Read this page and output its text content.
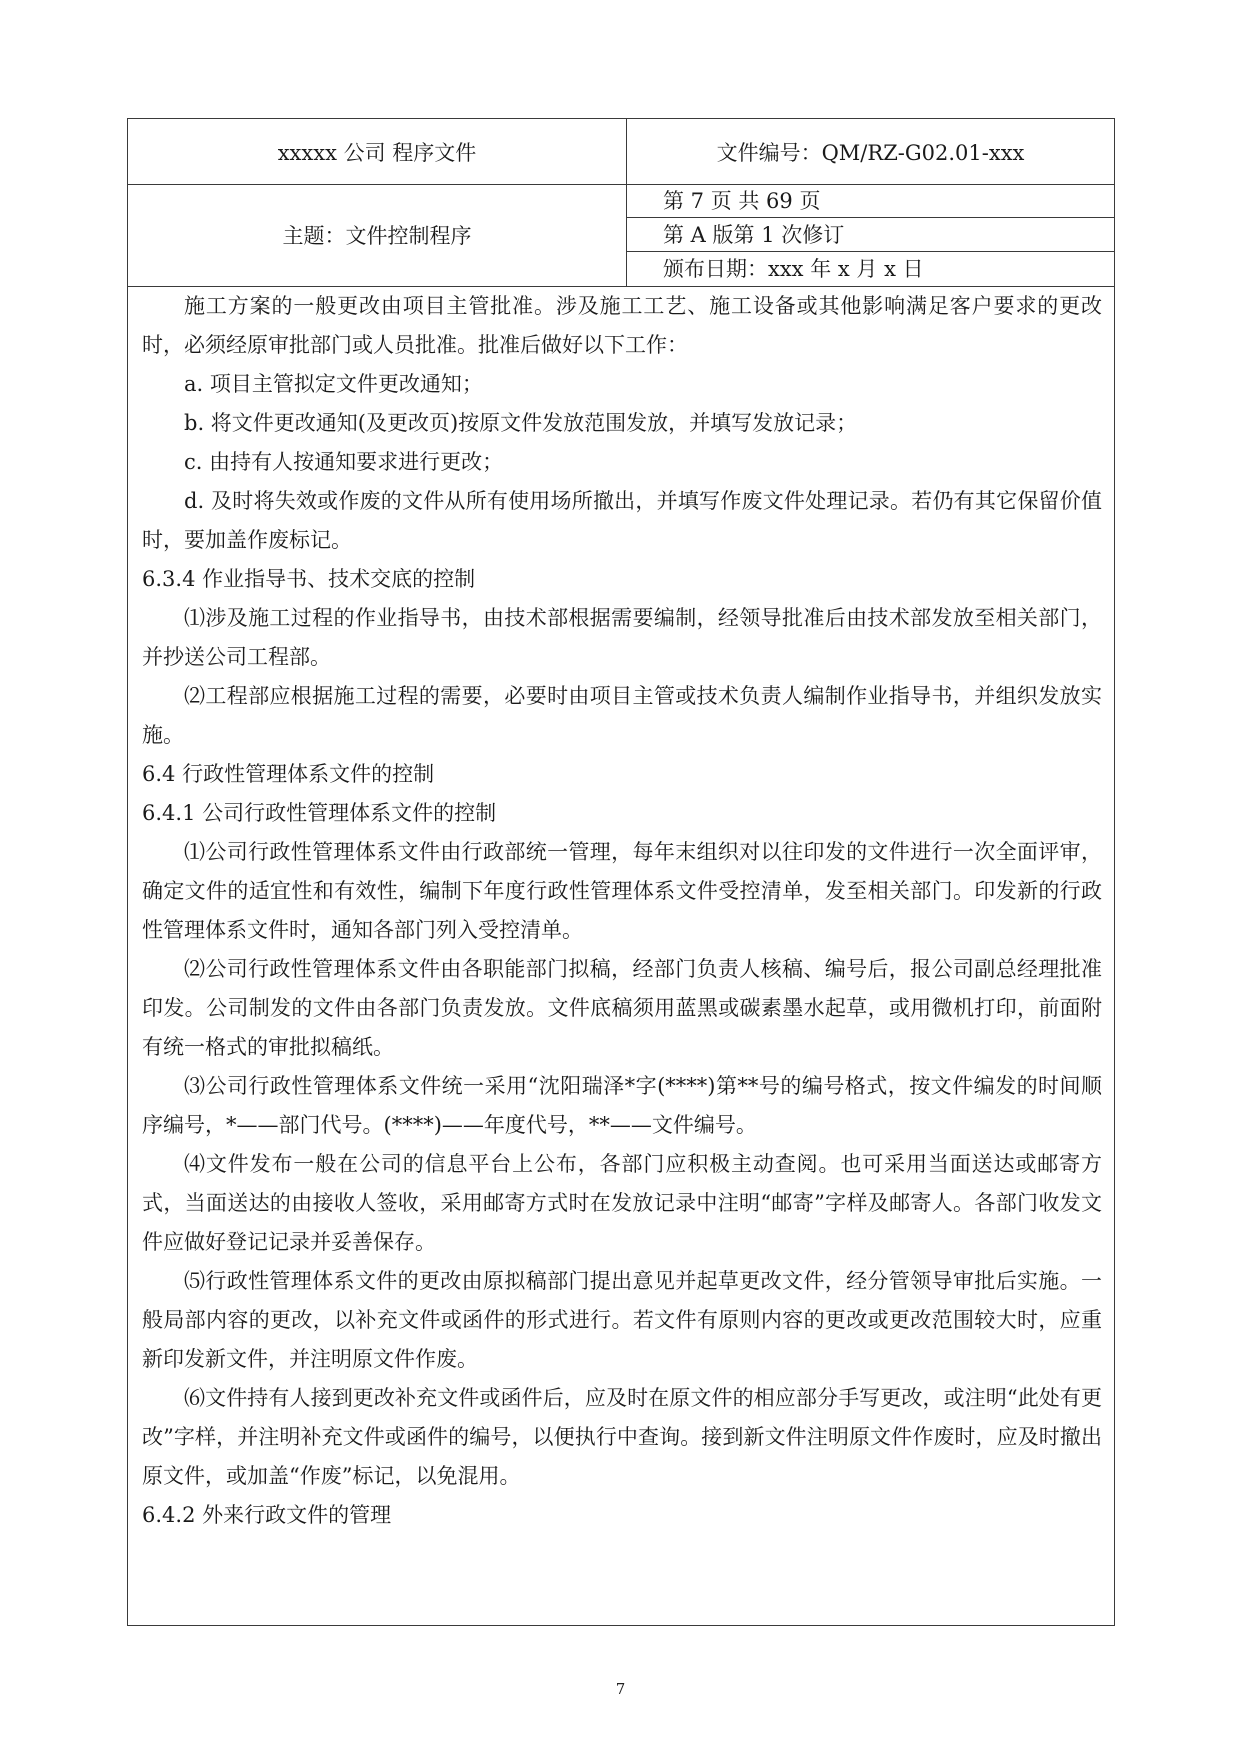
xxxxx 公司 程序文件	文件编号：QM/RZ-G02.01-xxx
主题：文件控制程序
第 7 页 共 69 页
第 A 版第 1 次修订
颁布日期：xxx 年 x 月 x 日

施工方案的一般更改由项目主管批准。涉及施工工艺、施工设备或其他影响满足客户要求的更改时，必须经原审批部门或人员批准。批准后做好以下工作：

a. 项目主管拟定文件更改通知；

b. 将文件更改通知(及更改页)按原文件发放范围发放，并填写发放记录；

c. 由持有人按通知要求进行更改；

d. 及时将失效或作废的文件从所有使用场所撤出，并填写作废文件处理记录。若仍有其它保留价值时，要加盖作废标记。

6.3.4 作业指导书、技术交底的控制

⑴涉及施工过程的作业指导书，由技术部根据需要编制，经领导批准后由技术部发放至相关部门，并抄送公司工程部。

⑵工程部应根据施工过程的需要，必要时由项目主管或技术负责人编制作业指导书，并组织发放实施。

6.4 行政性管理体系文件的控制

6.4.1 公司行政性管理体系文件的控制

⑴公司行政性管理体系文件由行政部统一管理，每年末组织对以往印发的文件进行一次全面评审，确定文件的适宜性和有效性，编制下年度行政性管理体系文件受控清单，发至相关部门。印发新的行政性管理体系文件时，通知各部门列入受控清单。

⑵公司行政性管理体系文件由各职能部门拟稿，经部门负责人核稿、编号后，报公司副总经理批准印发。公司制发的文件由各部门负责发放。文件底稿须用蓝黑或碳素墨水起草，或用微机打印，前面附有统一格式的审批拟稿纸。

⑶公司行政性管理体系文件统一采用“沈阳瑞泽*字(****)第**号的编号格式，按文件编发的时间顺序编号，*——部门代号。(****)——年度代号，**——文件编号。

⑷文件发布一般在公司的信息平台上公布，各部门应积极主动查阅。也可采用当面送达或邮寄方式，当面送达的由接收人签收，采用邮寄方式时在发放记录中注明“邮寄”字样及邮寄人。各部门收发文件应做好登记记录并妥善保存。

⑸行政性管理体系文件的更改由原拟稿部门提出意见并起草更改文件，经分管领导审批后实施。一般局部内容的更改，以补充文件或函件的形式进行。若文件有原则内容的更改或更改范围较大时，应重新印发新文件，并注明原文件作废。

⑹文件持有人接到更改补充文件或函件后，应及时在原文件的相应部分手写更改，或注明“此处有更改”字样，并注明补充文件或函件的编号，以便执行中查询。接到新文件注明原文件作废时，应及时撤出原文件，或加盖“作废”标记，以免混用。

6.4.2 外来行政文件的管理

7
